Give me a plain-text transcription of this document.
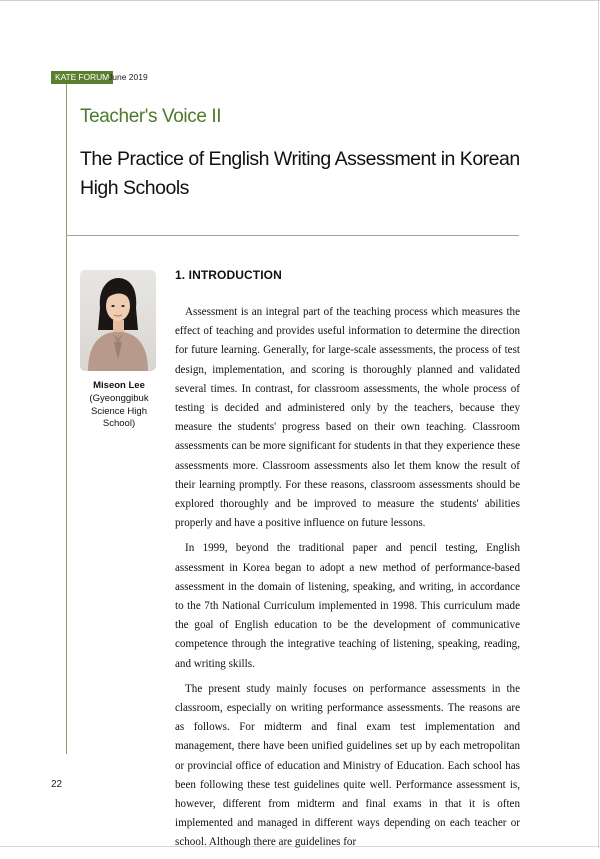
KATE FORUM
June 2019
Teacher's Voice II
The Practice of English Writing Assessment in Korean High Schools
Miseon Lee
(Gyeonggibuk Science High School)
1. INTRODUCTION

Assessment is an integral part of the teaching process which measures the effect of teaching and provides useful information to determine the direction for future learning. Generally, for large-scale assessments, the process of test design, implementation, and scoring is thoroughly planned and validated several times. In contrast, for classroom assessments, the whole process of testing is decided and administered only by the teachers, because they measure the students' progress based on their own teaching. Classroom assessments can be more significant for students in that they experience these assessments more. Classroom assessments also let them know the result of their learning promptly. For these reasons, classroom assessments should be explored thoroughly and be improved to measure the students' abilities properly and have a positive influence on future lessons.

In 1999, beyond the traditional paper and pencil testing, English assessment in Korea began to adopt a new method of performance-based assessment in the domain of listening, speaking, and writing, in accordance to the 7th National Curriculum implemented in 1998. This curriculum made the goal of English education to be the development of communicative competence through the integrative teaching of listening, speaking, reading, and writing skills.

The present study mainly focuses on performance assessments in the classroom, especially on writing performance assessments. The reasons are as follows. For midterm and final exam test implementation and management, there have been unified guidelines set up by each metropolitan or provincial office of education and Ministry of Education. Each school has been following these test guidelines quite well. Performance assessment is, however, different from midterm and final exams in that it is often implemented and managed in different ways depending on each teacher or school. Although there are guidelines for

22
